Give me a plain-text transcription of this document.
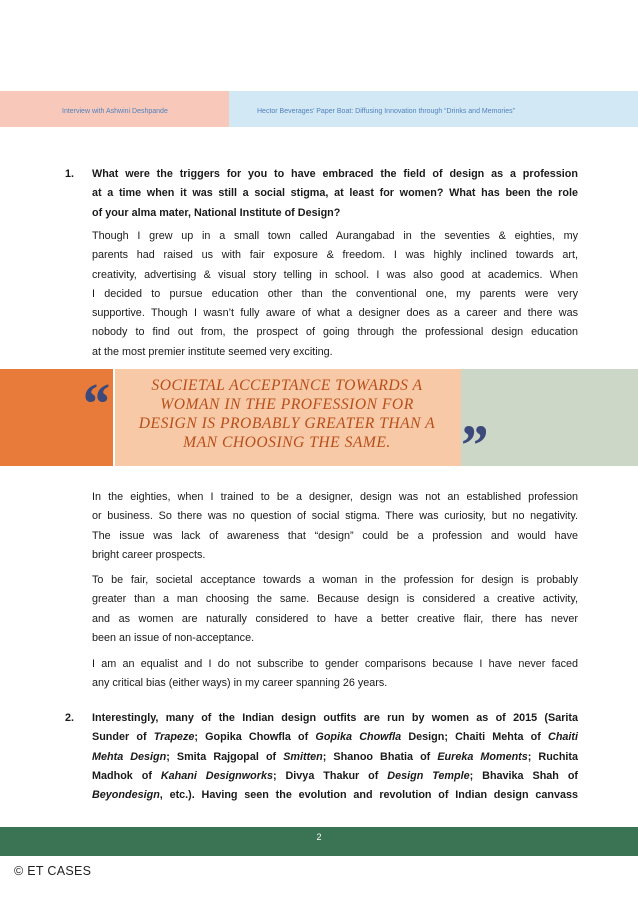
Interview with Ashwini Deshpande	Hector Beverages’ Paper Boat: Diffusing Innovation through “Drinks and Memories”
1. What were the triggers for you to have embraced the field of design as a profession
at a time when it was still a social stigma, at least for women? What has been the role
of your alma mater, National Institute of Design?
Though I grew up in a small town called Aurangabad in the seventies & eighties, my
parents had raised us with fair exposure & freedom. I was highly inclined towards art,
creativity, advertising & visual story telling in school. I was also good at academics. When
I decided to pursue education other than the conventional one, my parents were very
supportive. Though I wasn’t fully aware of what a designer does as a career and there was
nobody to find out from, the prospect of going through the professional design education
at the most premier institute seemed very exciting.
“
”
SOCIETAL ACCEPTANCE TOWARDS A
WOMAN IN THE PROFESSION FOR
DESIGN IS PROBABLY GREATER THAN A
MAN CHOOSING THE SAME.
In the eighties, when I trained to be a designer, design was not an established profession
or business. So there was no question of social stigma. There was curiosity, but no negativity.
The issue was lack of awareness that “design” could be a profession and would have
bright career prospects.
To be fair, societal acceptance towards a woman in the profession for design is probably
greater than a man choosing the same. Because design is considered a creative activity,
and as women are naturally considered to have a better creative flair, there has never
been an issue of non-acceptance.
I am an equalist and I do not subscribe to gender comparisons because I have never faced
any critical bias (either ways) in my career spanning 26 years.
2. Interestingly, many of the Indian design outfits are run by women as of 2015 (Sarita
Sunder of Trapeze; Gopika Chowfla of Gopika Chowfla Design; Chaiti Mehta of Chaiti
Mehta Design; Smita Rajgopal of Smitten; Shanoo Bhatia of Eureka Moments; Ruchita
Madhok of Kahani Designworks; Divya Thakur of Design Temple; Bhavika Shah of
Beyondesign, etc.). Having seen the evolution and revolution of Indian design canvass
2
© ET CASES
